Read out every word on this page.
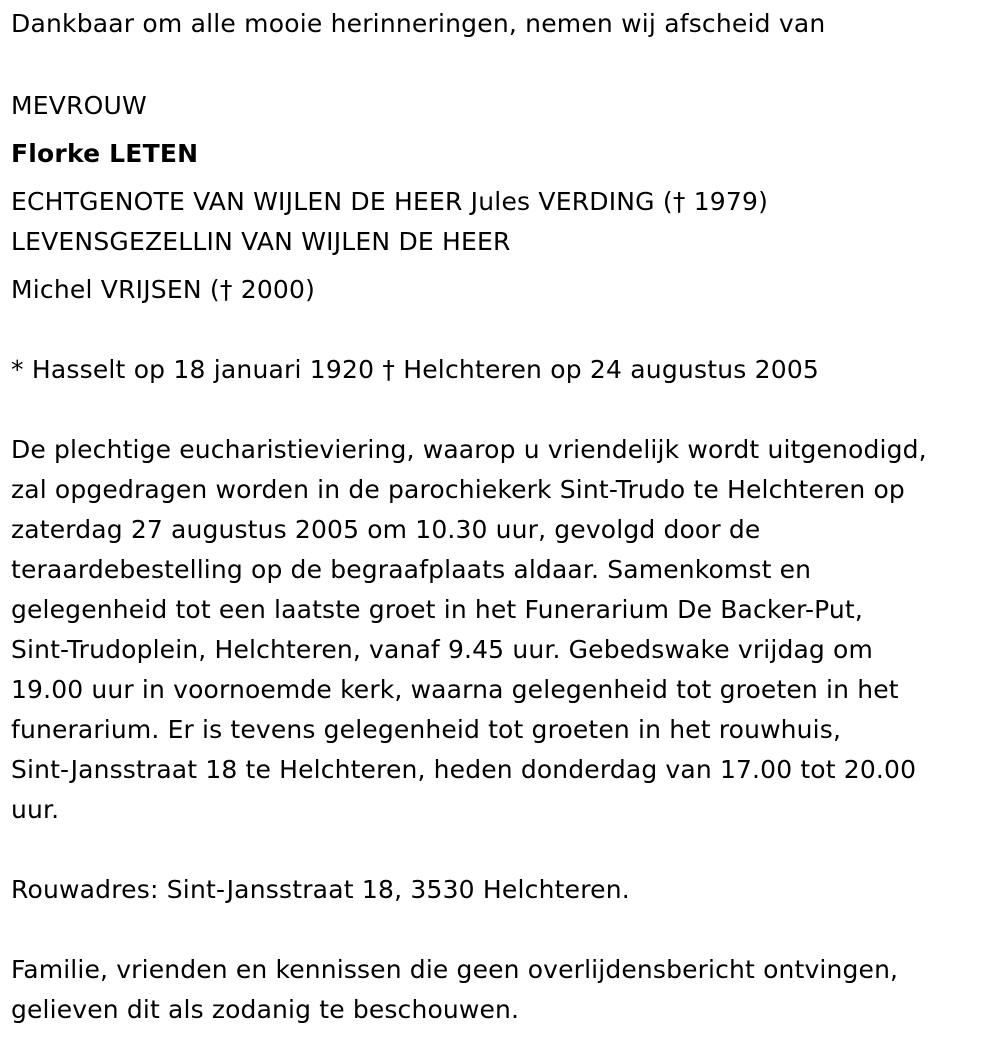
Dankbaar om alle mooie herinneringen, nemen wij afscheid van
MEVROUW
Florke LETEN
ECHTGENOTE VAN WIJLEN DE HEER Jules VERDING († 1979)
LEVENSGEZELLIN VAN WIJLEN DE HEER
Michel VRIJSEN († 2000)
* Hasselt op 18 januari 1920 † Helchteren op 24 augustus 2005
De plechtige eucharistieviering, waarop u vriendelijk wordt uitgenodigd,
zal opgedragen worden in de parochiekerk Sint-Trudo te Helchteren op
zaterdag 27 augustus 2005 om 10.30 uur, gevolgd door de
teraardebestelling op de begraafplaats aldaar. Samenkomst en
gelegenheid tot een laatste groet in het Funerarium De Backer-Put,
Sint-Trudoplein, Helchteren, vanaf 9.45 uur. Gebedswake vrijdag om
19.00 uur in voornoemde kerk, waarna gelegenheid tot groeten in het
funerarium. Er is tevens gelegenheid tot groeten in het rouwhuis,
Sint-Jansstraat 18 te Helchteren, heden donderdag van 17.00 tot 20.00
uur.
Rouwadres: Sint-Jansstraat 18, 3530 Helchteren.
Familie, vrienden en kennissen die geen overlijdensbericht ontvingen,
gelieven dit als zodanig te beschouwen.
